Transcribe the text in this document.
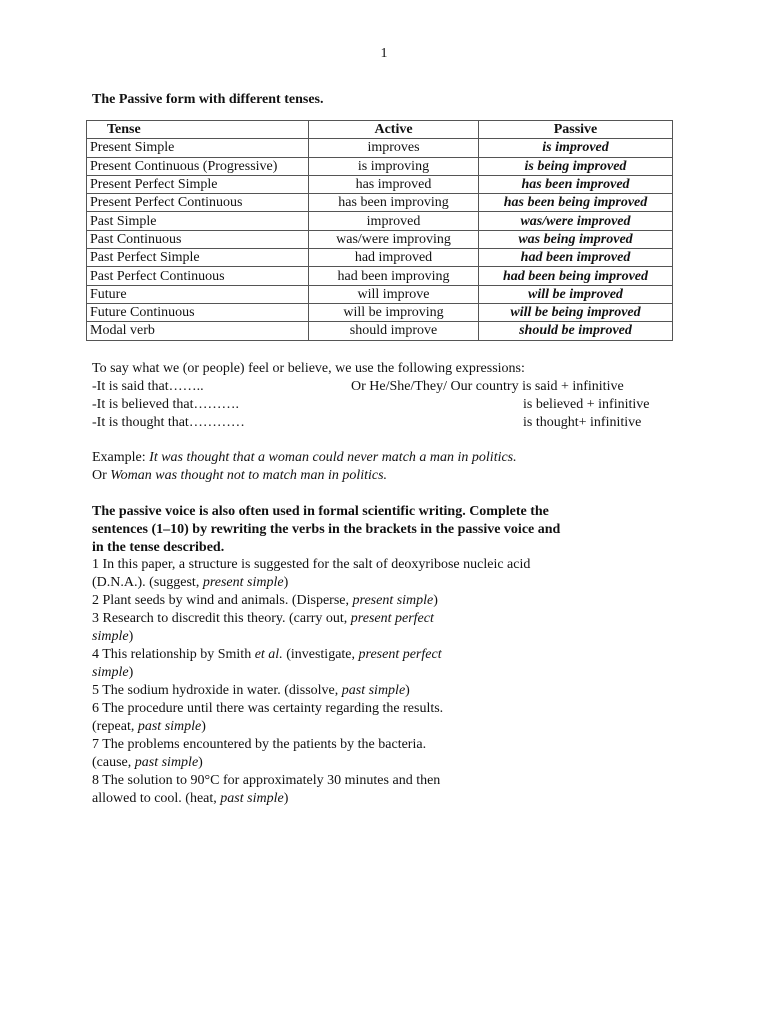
1
The Passive form with different tenses.
Tense	Active	Passive
Present Simple	improves	is improved
Present Continuous (Progressive)	is improving	is being improved
Present Perfect Simple	has improved	has been improved
Present Perfect Continuous	has been improving	has been being improved
Past Simple	improved	was/were improved
Past Continuous	was/were improving	was being improved
Past Perfect Simple	had improved	had been improved
Past Perfect Continuous	had been improving	had been being improved
Future	will improve	will be improved
Future Continuous	will be improving	will be being improved
Modal verb	should improve	should be improved
To say what we (or people) feel or believe, we use the following expressions:
-It is said that……..	Or He/She/They/ Our country is said + infinitive
-It is believed that……….	is believed + infinitive
-It is thought that…………	is thought+ infinitive
Example: It was thought that a woman could never match a man in politics.
Or Woman was thought not to match man in politics.
The passive voice is also often used in formal scientific writing. Complete the
sentences (1–10) by rewriting the verbs in the brackets in the passive voice and
in the tense described.
1 In this paper, a structure is suggested for the salt of deoxyribose nucleic acid
(D.N.A.). (suggest, present simple)
2 Plant seeds by wind and animals. (Disperse, present simple)
3 Research to discredit this theory. (carry out, present perfect
simple)
4 This relationship by Smith et al. (investigate, present perfect
simple)
5 The sodium hydroxide in water. (dissolve, past simple)
6 The procedure until there was certainty regarding the results.
(repeat, past simple)
7 The problems encountered by the patients by the bacteria.
(cause, past simple)
8 The solution to 90°C for approximately 30 minutes and then
allowed to cool. (heat, past simple)
